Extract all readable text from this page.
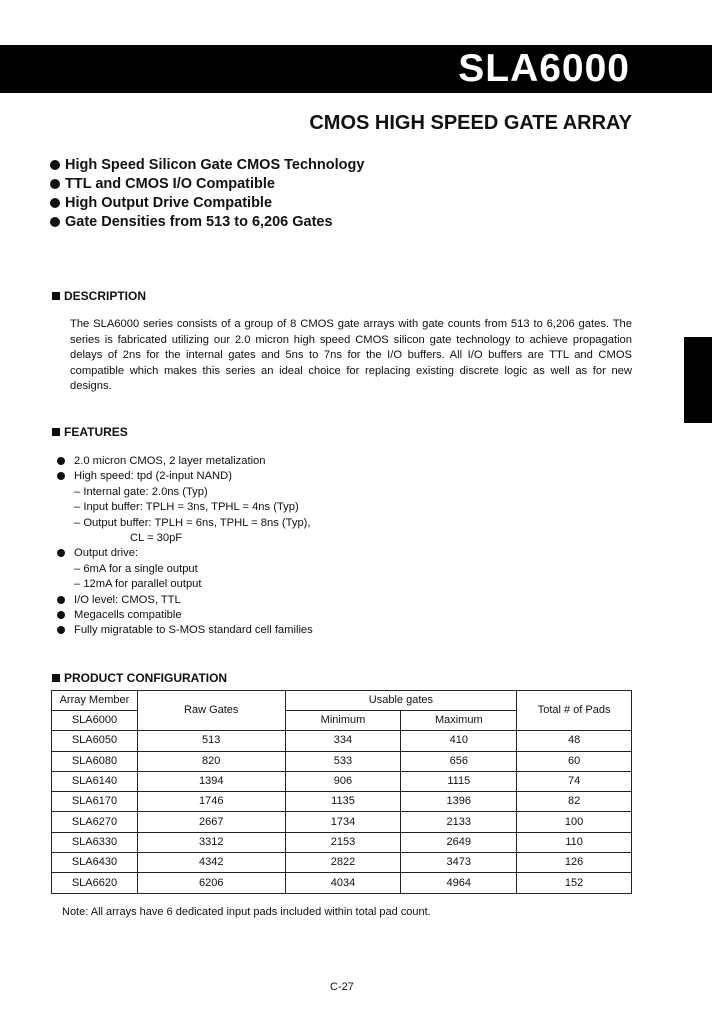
SLA6000
CMOS HIGH SPEED GATE ARRAY
High Speed Silicon Gate CMOS Technology
TTL and CMOS I/O Compatible
High Output Drive Compatible
Gate Densities from 513 to 6,206 Gates
DESCRIPTION

The SLA6000 series consists of a group of 8 CMOS gate arrays with gate counts from 513 to 6,206 gates. The series is fabricated utilizing our 2.0 micron high speed CMOS silicon gate technology to achieve propagation delays of 2ns for the internal gates and 5ns to 7ns for the I/O buffers. All I/O buffers are TTL and CMOS compatible which makes this series an ideal choice for replacing existing discrete logic as well as for new designs.

FEATURES
2.0 micron CMOS, 2 layer metalization
High speed: tpd (2-input NAND)
– Internal gate: 2.0ns (Typ)
– Input buffer: TPLH = 3ns, TPHL = 4ns (Typ)
– Output buffer: TPLH = 6ns, TPHL = 8ns (Typ),
CL = 30pF
Output drive:
– 6mA for a single output
– 12mA for parallel output
I/O level: CMOS, TTL
Megacells compatible
Fully migratable to S-MOS standard cell families
PRODUCT CONFIGURATION
Array Member	Raw Gates	Usable gates		Total # of Pads
SLA6000		Minimum	Maximum	
SLA6050	513	334	410	48
SLA6080	820	533	656	60
SLA6140	1394	906	1115	74
SLA6170	1746	1135	1396	82
SLA6270	2667	1734	2133	100
SLA6330	3312	2153	2649	110
SLA6430	4342	2822	3473	126
SLA6620	6206	4034	4964	152
Note: All arrays have 6 dedicated input pads included within total pad count.
C-27
